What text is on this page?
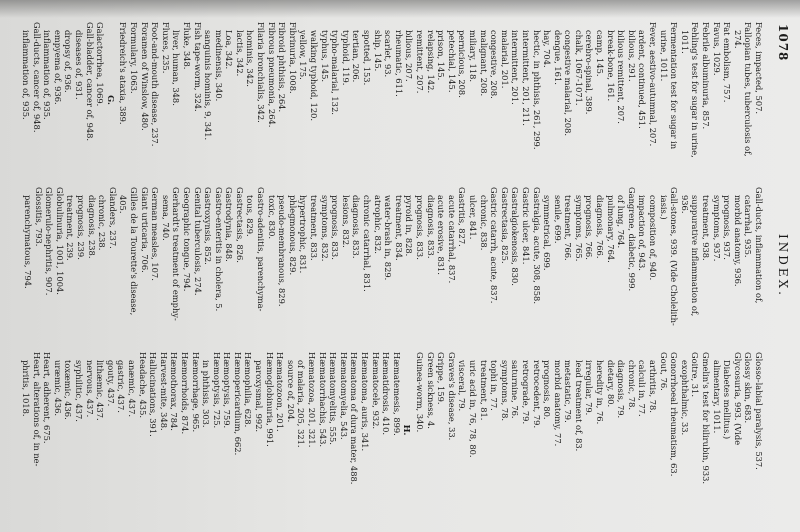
1078
INDEX.
Feces, impacted, 507.
Fallopian tubes, tuberculosis of,
274.
Fat embolism, 757.
Favus, 1029.
Febrile albuminuria, 857.
Fehling's test for sugar in urine,
1011.
Fermentation test for sugar in
urine, 1011.
Fever, aestivo-autumnal, 207.
ardent, continued, 451.
bilious, 291.
bilious remittent, 207.
break-bone, 161.
camp, 145.
cerebro-spinal, 389.
chalk, 1067-1071.
congestive malarial, 208.
dengue, 161.
hay, 704.
hectic, in phthisis, 261, 299.
intermittent, 201, 211.
intermittent, 201.
malarial, 201.
congestive, 208.
malignant, 208.
miliary, 118.
pernicious, 208.
petechial, 145.
prison, 145.
relapsing, 142.
remittent, 207.
bilious, 207.
rheumatic, 611.
scarlet, 93.
ship, 145.
spotted, 153.
tertian, 206.
typhoid, 119.
typho-malarial, 132.
typhus, 145.
walking typhoid, 120.
yellow, 175.
Fibrinuria, 1008.
Fibroid phthisis, 264.
Fibrous pneumonia, 264.
Filaria bronchialis, 342.
hominis, 342.
lactis, 342.
Loa, 342.
medinensis, 340.
sanguinis hominis, 9, 341.
Fish tape-worm, 324.
Fluke, 348.
liver, human, 348.
Fluxes, 235.
Foot-and-mouth disease, 237.
Foramen of Winslow, 480.
Formulary, 1063.
Friedreich's ataxia, 389.
G.
Galactorrhea, 1069.
Gall-bladder, cancer of, 948.
diseases of, 931.
dropsy of, 936.
empyema of, 936.
inflammation of, 935.
Gall-ducts, cancer of, 948.
inflammation of, 935.
Gall-ducts, inflammation of,
catarrhal, 935.
morbid anatomy, 936.
prognosis, 937.
symptoms, 937.
treatment, 938.
suppurative inflammation of,
936.
Gall-stones, 939. (Vide Cholelith-
iasis.)
composition of, 940.
impaction of, 943.
Gangrene, diabetic, 999.
of lung, 764.
pulmonary, 764.
diagnosis, 766.
prognosis, 766.
symptoms, 765.
treatment, 766.
senile, 699.
symmetrical, 699.
Gastralgia, acute, 308, 858.
Gastric ulcer, 841.
Gastralgiokenosis, 830.
Gastrectasia, 825.
Gastric catarrh, acute, 837.
chronic, 838.
ulcer, 841.
Gastritis, 827.
acute catarrhal, 837.
acute erosive, 831.
diagnosis, 833.
prognosis, 833.
pyroid in, 828.
treatment, 834.
water-brash in, 829.
atrophic, 832.
chronic catarrhal, 831.
diagnosis, 833.
lesions, 832.
prognosis, 833.
symptoms, 832.
treatment, 833.
hypertrophic, 831.
phlegmonous, 829.
pseudo-membranous, 829.
toxic, 830.
Gastro-adenitis, parenchyma-
tous, 829.
Gastrectasis, 826.
Gastrodynia, 848.
Gastro-enteritis in cholera, 5.
Gastroxynsis, 852.
Genital tuberculosis, 274.
Geographic tongue, 794.
Gerhardt's treatment of emphy-
sema, 740.
German measles, 107.
Giant urticaria, 706.
Gilles de la Tourette's disease,
405.
Glanders, 237.
chronic, 238.
diagnosis, 238.
prognosis, 239.
treatment, 239.
Globulinuria, 1001, 1004.
Glomerulo-nephritis, 907.
Glossitis, 793.
parenchymatous, 794.
Glosso-labial paralysis, 537.
Glossy skin, 683.
Glycosuria, 993. (Vide
Diabetes mellitus.)
alimentary, 1011.
Gmelin's test for bilirubin, 933.
Goitre, 31.
exophthalmic, 33.
Gonorrhoeal rheumatism, 63.
Gout, 76.
arthritis, 78.
calculi in, 77.
chronic, 78.
diagnosis, 79.
dietary, 80.
heredity in, 76.
irregular, 79.
lead treatment of, 83.
metastatic, 79.
morbid anatomy, 77.
prognosis, 80.
retrocedent, 79.
retrograde, 79.
saturnine, 76.
symptoms, 78.
tophi in, 77.
treatment, 81.
uric acid in, 76, 78, 80.
visceral, 79.
Graves's disease, 33.
Grippe, 159.
Green sickness, 4.
Guinea-worm, 340.
H.
Hæmatemesis, 899.
Hæmatidrosis, 410.
Hæmatocele, 932.
Hæmatoma, auris, 341.
Hæmatoma of dura mater, 488.
Hæmatomyelia, 543.
Hæmatomyelitis, 555.
Hæmatorrhachis, 543.
Hæmatozoa, 201, 321.
of malaria, 205, 321.
source of, 204.
Hæmatozoon, 201.
Hæmoglobinuria, 991.
paroxysmal, 992.
Hæmophilia, 628.
Hæmopericardium, 662.
Hæmoptysis, 759.
Hæmoptysis, 725.
in phthisis, 303.
Hæmorrhage, 965.
Hæmorrhoids, 874.
Hæmothorax, 784.
Harvest-mite, 348.
Hallucinations, 391.
Headache, 435.
anæmic, 437.
gastric, 437.
gouty, 437.
lithæmic, 437.
nervous, 437.
syphilitic, 437.
toxæmic, 436.
uræmic, 436.
Heart, adherent, 675.
Heart, alterations of, in ne-
phritis, 1018.
